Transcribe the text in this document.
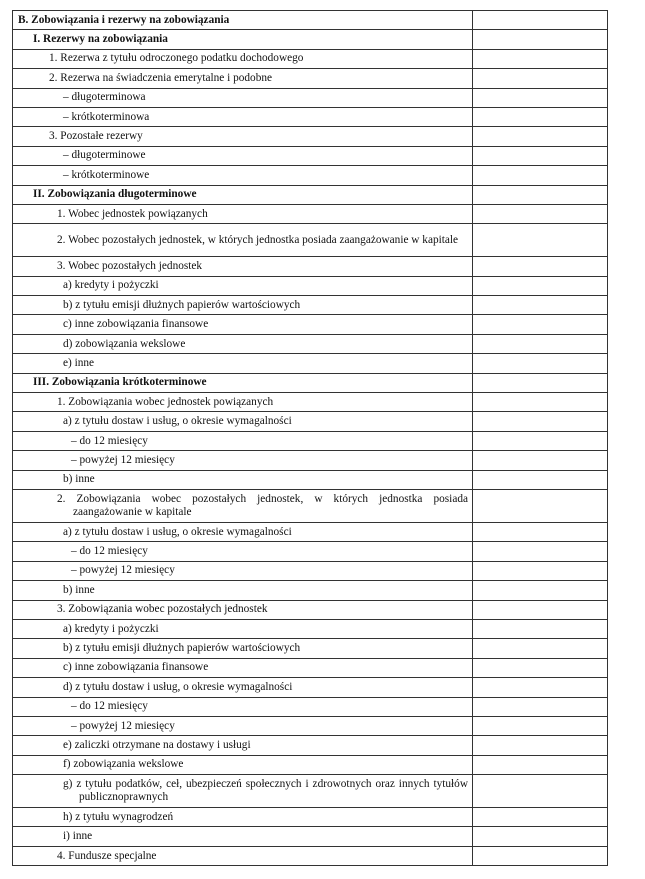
B. Zobowiązania i rezerwy na zobowiązania	

I. Rezerwy na zobowiązania	

1. Rezerwa z tytułu odroczonego podatku dochodowego	

2. Rezerwa na świadczenia emerytalne i podobne	

– długoterminowa	

– krótkoterminowa	

3. Pozostałe rezerwy	

– długoterminowe	

– krótkoterminowe	

II. Zobowiązania długoterminowe	

1. Wobec jednostek powiązanych	

2. Wobec pozostałych jednostek, w których jednostka posiada zaangażowanie w kapitale	

3. Wobec pozostałych jednostek	

a) kredyty i pożyczki	

b) z tytułu emisji dłużnych papierów wartościowych	

c) inne zobowiązania finansowe	

d) zobowiązania wekslowe	

e) inne	

III. Zobowiązania krótkoterminowe	

1. Zobowiązania wobec jednostek powiązanych	

a) z tytułu dostaw i usług, o okresie wymagalności	

– do 12 miesięcy	

– powyżej 12 miesięcy	

b) inne	

2. Zobowiązania wobec pozostałych jednostek, w których jednostka posiada zaangażowanie w kapitale	

a) z tytułu dostaw i usług, o okresie wymagalności	

– do 12 miesięcy	

– powyżej 12 miesięcy	

b) inne	

3. Zobowiązania wobec pozostałych jednostek	

a) kredyty i pożyczki	

b) z tytułu emisji dłużnych papierów wartościowych	

c) inne zobowiązania finansowe	

d) z tytułu dostaw i usług, o okresie wymagalności	

– do 12 miesięcy	

– powyżej 12 miesięcy	

e) zaliczki otrzymane na dostawy i usługi	

f) zobowiązania wekslowe	

g) z tytułu podatków, ceł, ubezpieczeń społecznych i zdrowotnych oraz innych tytułów publicznoprawnych	

h) z tytułu wynagrodzeń	

i) inne	

4. Fundusze specjalne	
